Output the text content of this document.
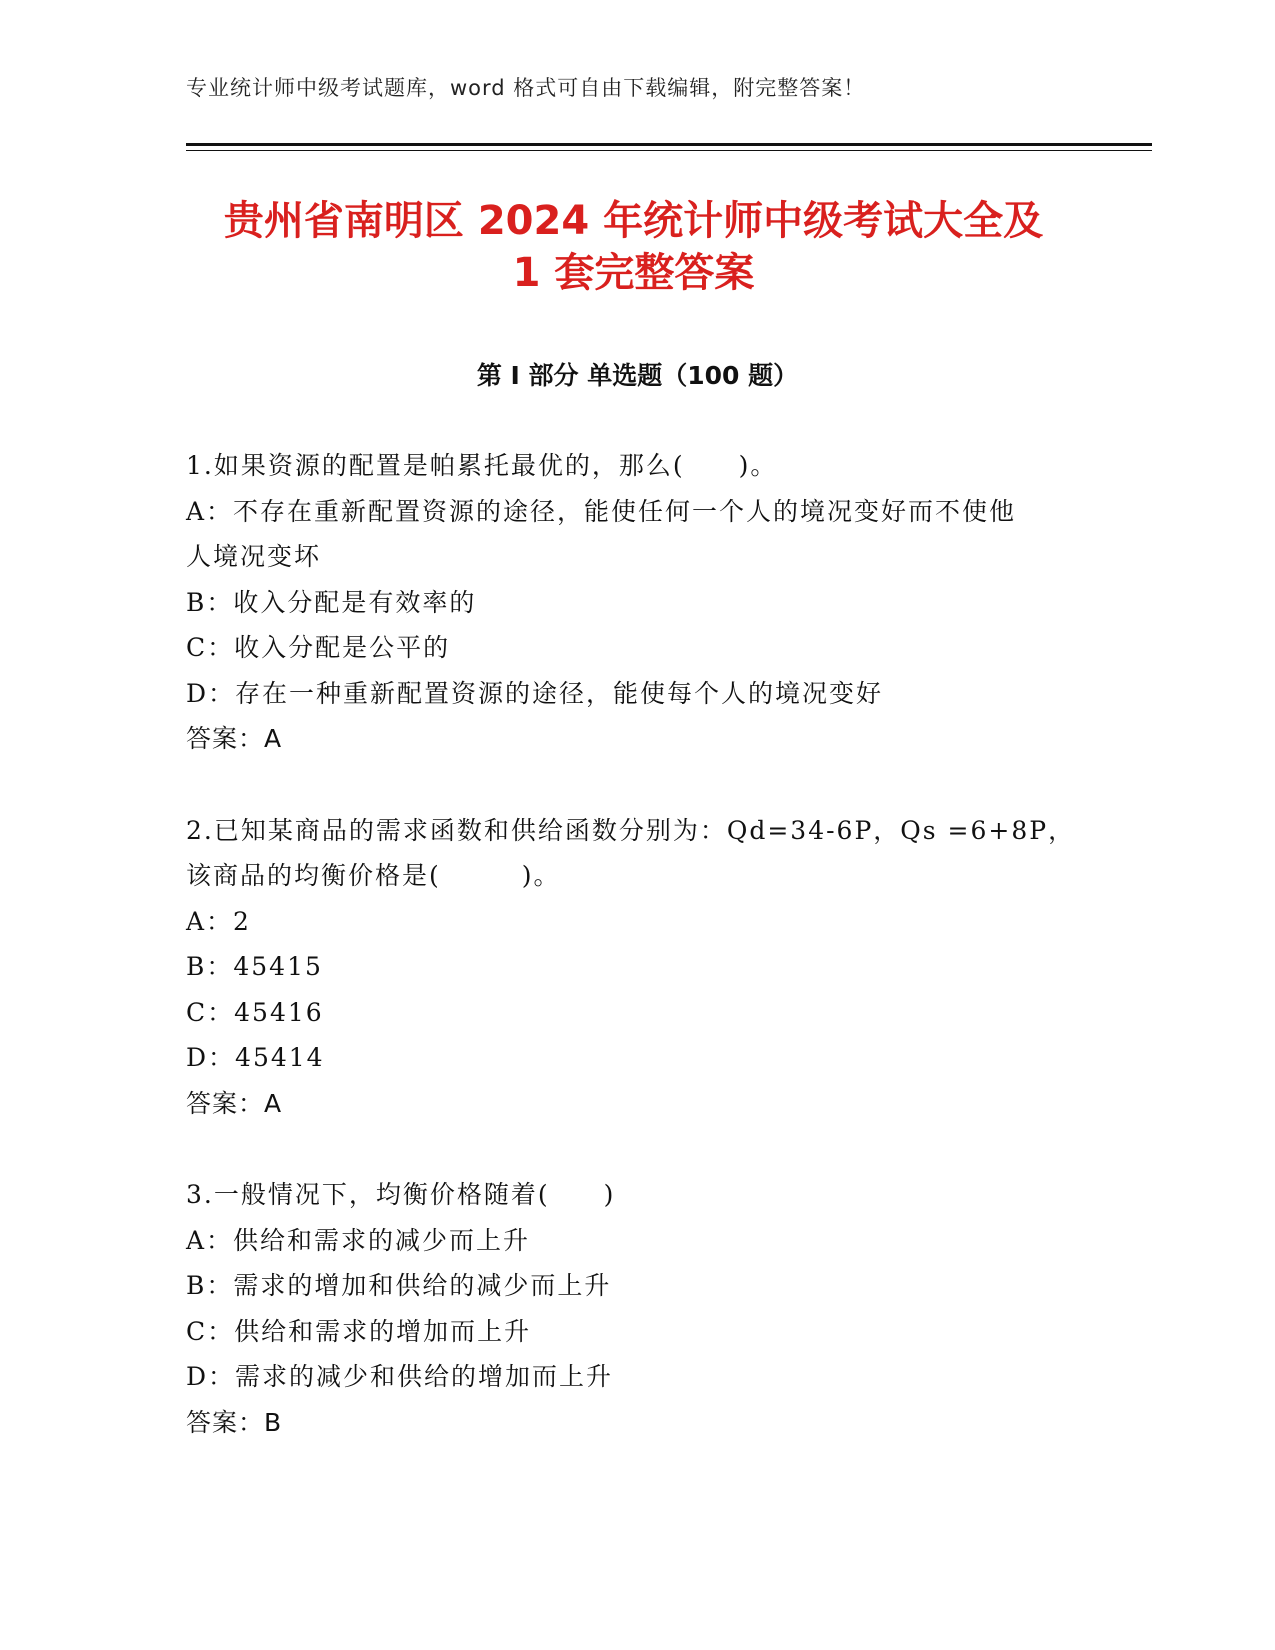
专业统计师中级考试题库，word 格式可自由下载编辑，附完整答案！
贵州省南明区 2024 年统计师中级考试大全及
1 套完整答案
第 I 部分 单选题（100 题）
1.如果资源的配置是帕累托最优的，那么(　　)。
A：不存在重新配置资源的途径，能使任何一个人的境况变好而不使他
人境况变坏
B：收入分配是有效率的
C：收入分配是公平的
D：存在一种重新配置资源的途径，能使每个人的境况变好
答案：A
2.已知某商品的需求函数和供给函数分别为：Qd=34-6P，Qs =6+8P，
该商品的均衡价格是(　　　)。
A：2
B：45415
C：45416
D：45414
答案：A
3.一般情况下，均衡价格随着(　　)
A：供给和需求的减少而上升
B：需求的增加和供给的减少而上升
C：供给和需求的增加而上升
D：需求的减少和供给的增加而上升
答案：B
